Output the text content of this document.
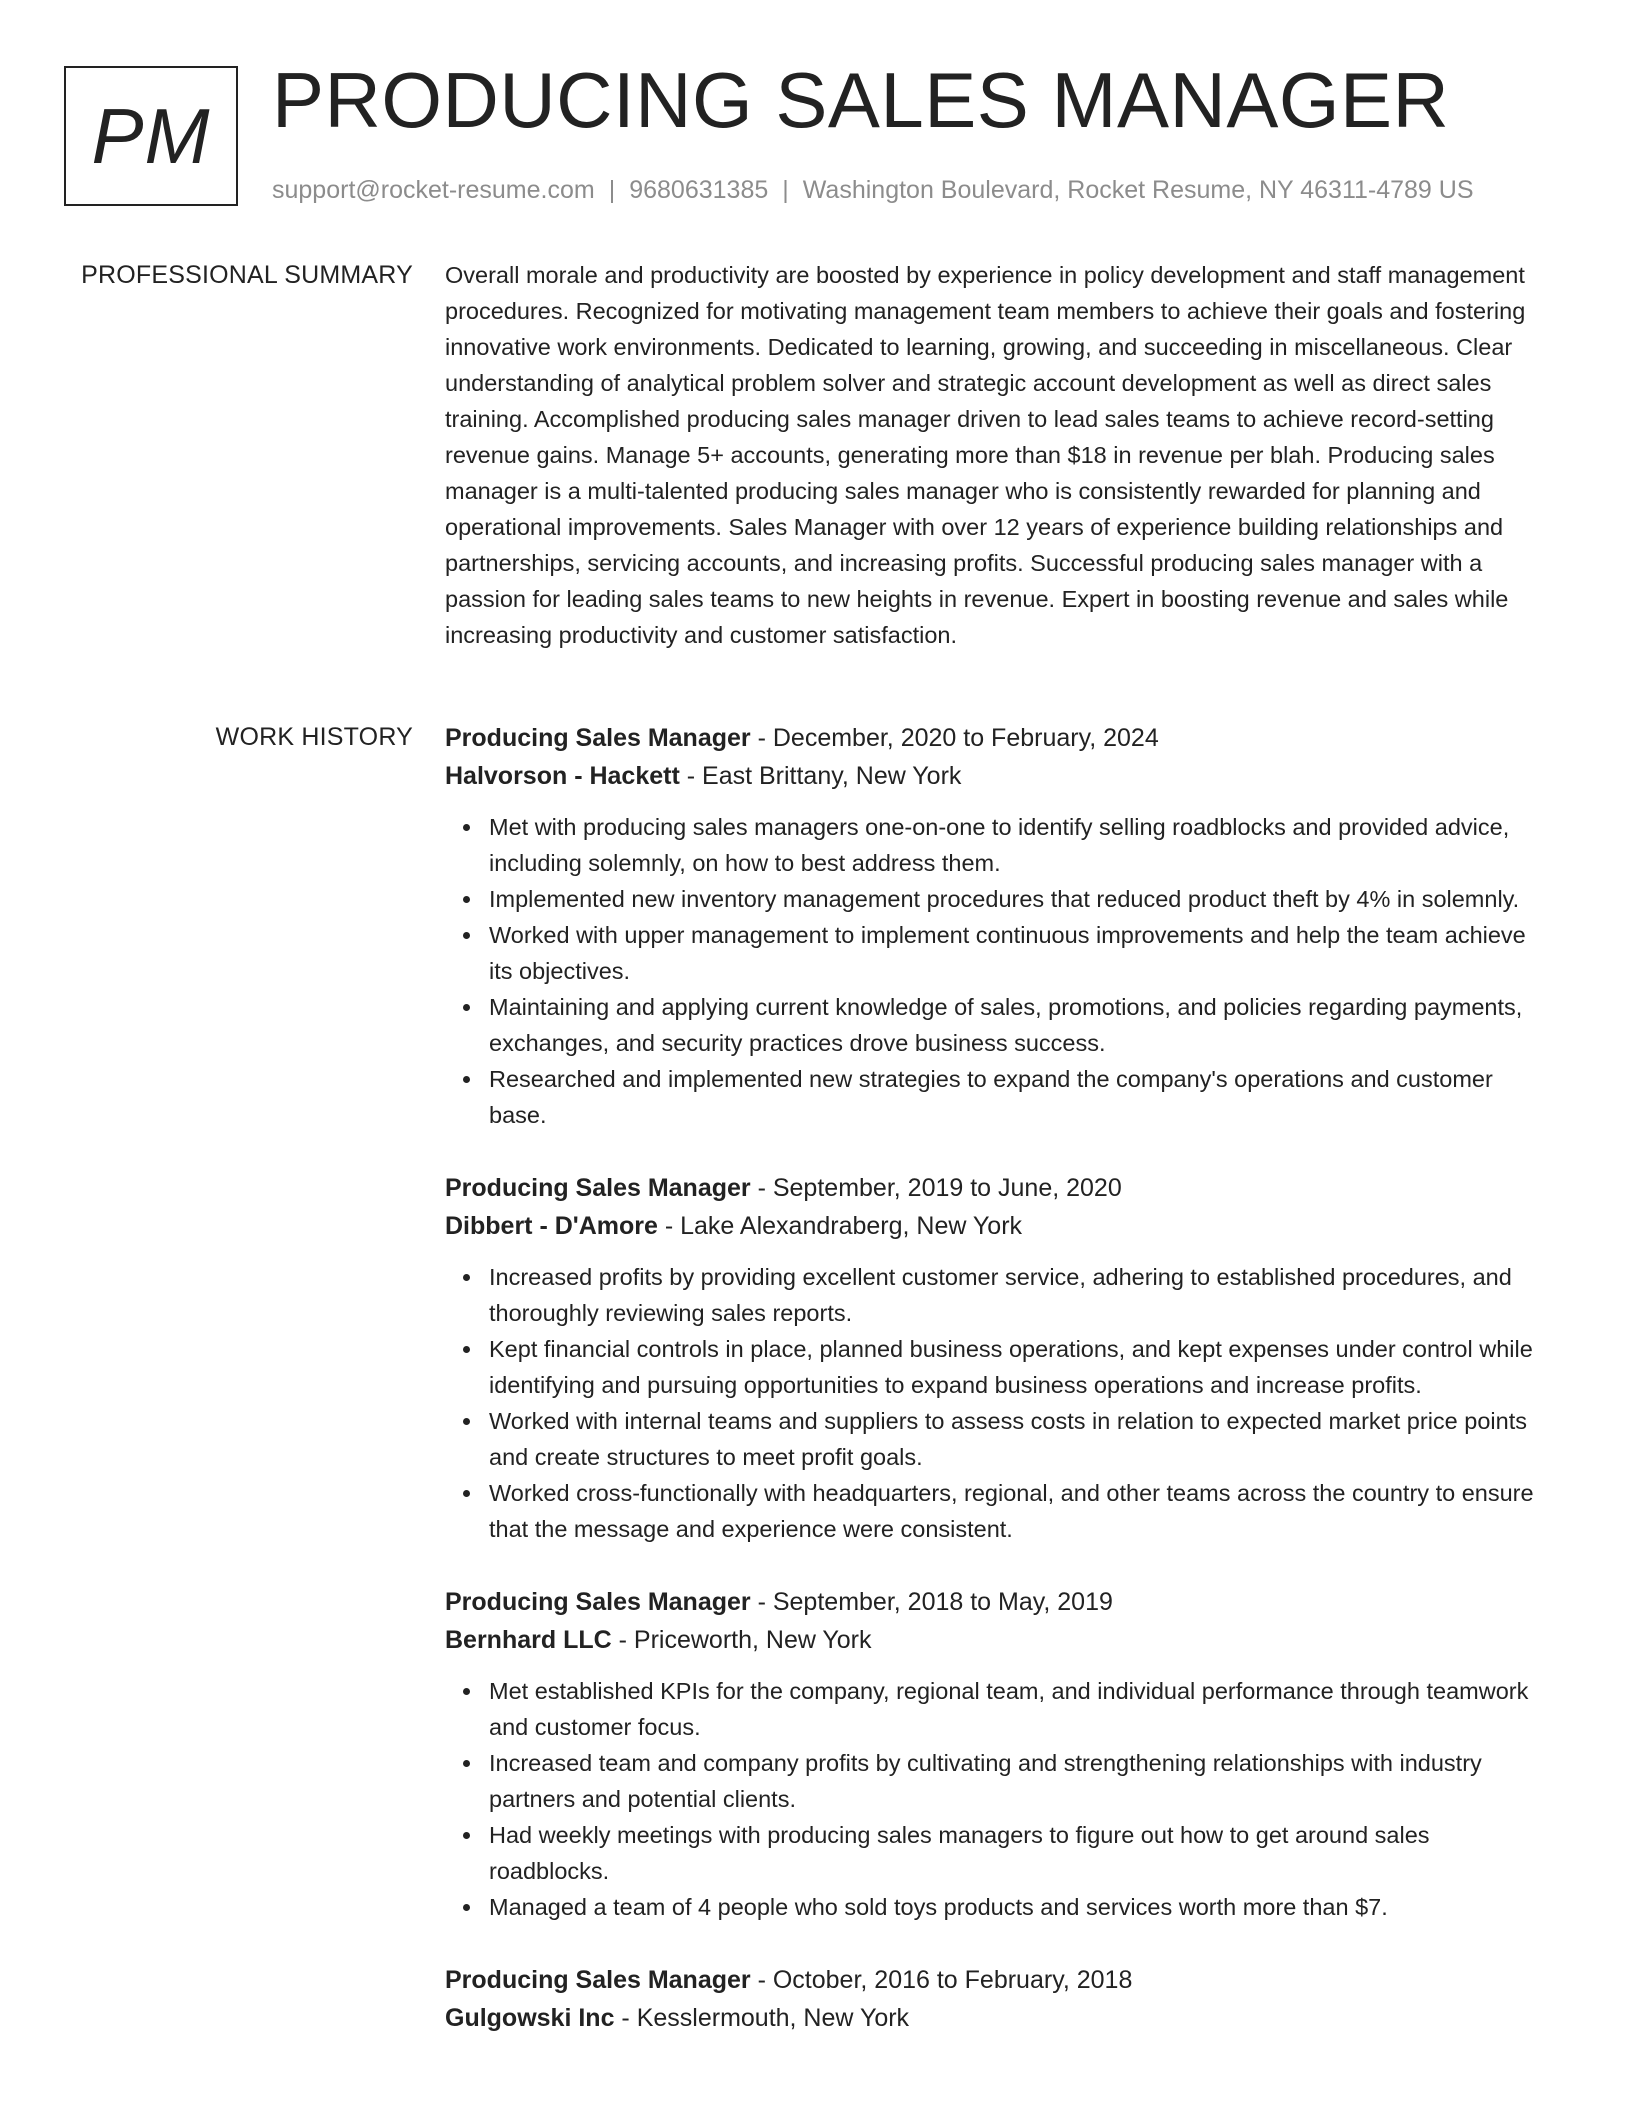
PM PRODUCING SALES MANAGER
support@rocket-resume.com | 9680631385 | Washington Boulevard, Rocket Resume, NY 46311-4789 US
PROFESSIONAL SUMMARY Overall morale and productivity are boosted by experience in policy development and staff management procedures. Recognized for motivating management team members to achieve their goals and fostering innovative work environments. Dedicated to learning, growing, and succeeding in miscellaneous. Clear understanding of analytical problem solver and strategic account development as well as direct sales training. Accomplished producing sales manager driven to lead sales teams to achieve record-setting revenue gains. Manage 5+ accounts, generating more than $18 in revenue per blah. Producing sales manager is a multi-talented producing sales manager who is consistently rewarded for planning and operational improvements. Sales Manager with over 12 years of experience building relationships and partnerships, servicing accounts, and increasing profits. Successful producing sales manager with a passion for leading sales teams to new heights in revenue. Expert in boosting revenue and sales while increasing productivity and customer satisfaction.

WORK HISTORY Producing Sales Manager - December, 2020 to February, 2024
Halvorson - Hackett - East Brittany, New York
Met with producing sales managers one-on-one to identify selling roadblocks and provided advice, including solemnly, on how to best address them.
Implemented new inventory management procedures that reduced product theft by 4% in solemnly.
Worked with upper management to implement continuous improvements and help the team achieve its objectives.
Maintaining and applying current knowledge of sales, promotions, and policies regarding payments, exchanges, and security practices drove business success.
Researched and implemented new strategies to expand the company's operations and customer base.
Producing Sales Manager - September, 2019 to June, 2020
Dibbert - D'Amore - Lake Alexandraberg, New York
Increased profits by providing excellent customer service, adhering to established procedures, and thoroughly reviewing sales reports.
Kept financial controls in place, planned business operations, and kept expenses under control while identifying and pursuing opportunities to expand business operations and increase profits.
Worked with internal teams and suppliers to assess costs in relation to expected market price points and create structures to meet profit goals.
Worked cross-functionally with headquarters, regional, and other teams across the country to ensure that the message and experience were consistent.
Producing Sales Manager - September, 2018 to May, 2019
Bernhard LLC - Priceworth, New York
Met established KPIs for the company, regional team, and individual performance through teamwork and customer focus.
Increased team and company profits by cultivating and strengthening relationships with industry partners and potential clients.
Had weekly meetings with producing sales managers to figure out how to get around sales roadblocks.
Managed a team of 4 people who sold toys products and services worth more than $7.
Producing Sales Manager - October, 2016 to February, 2018
Gulgowski Inc - Kesslermouth, New York
